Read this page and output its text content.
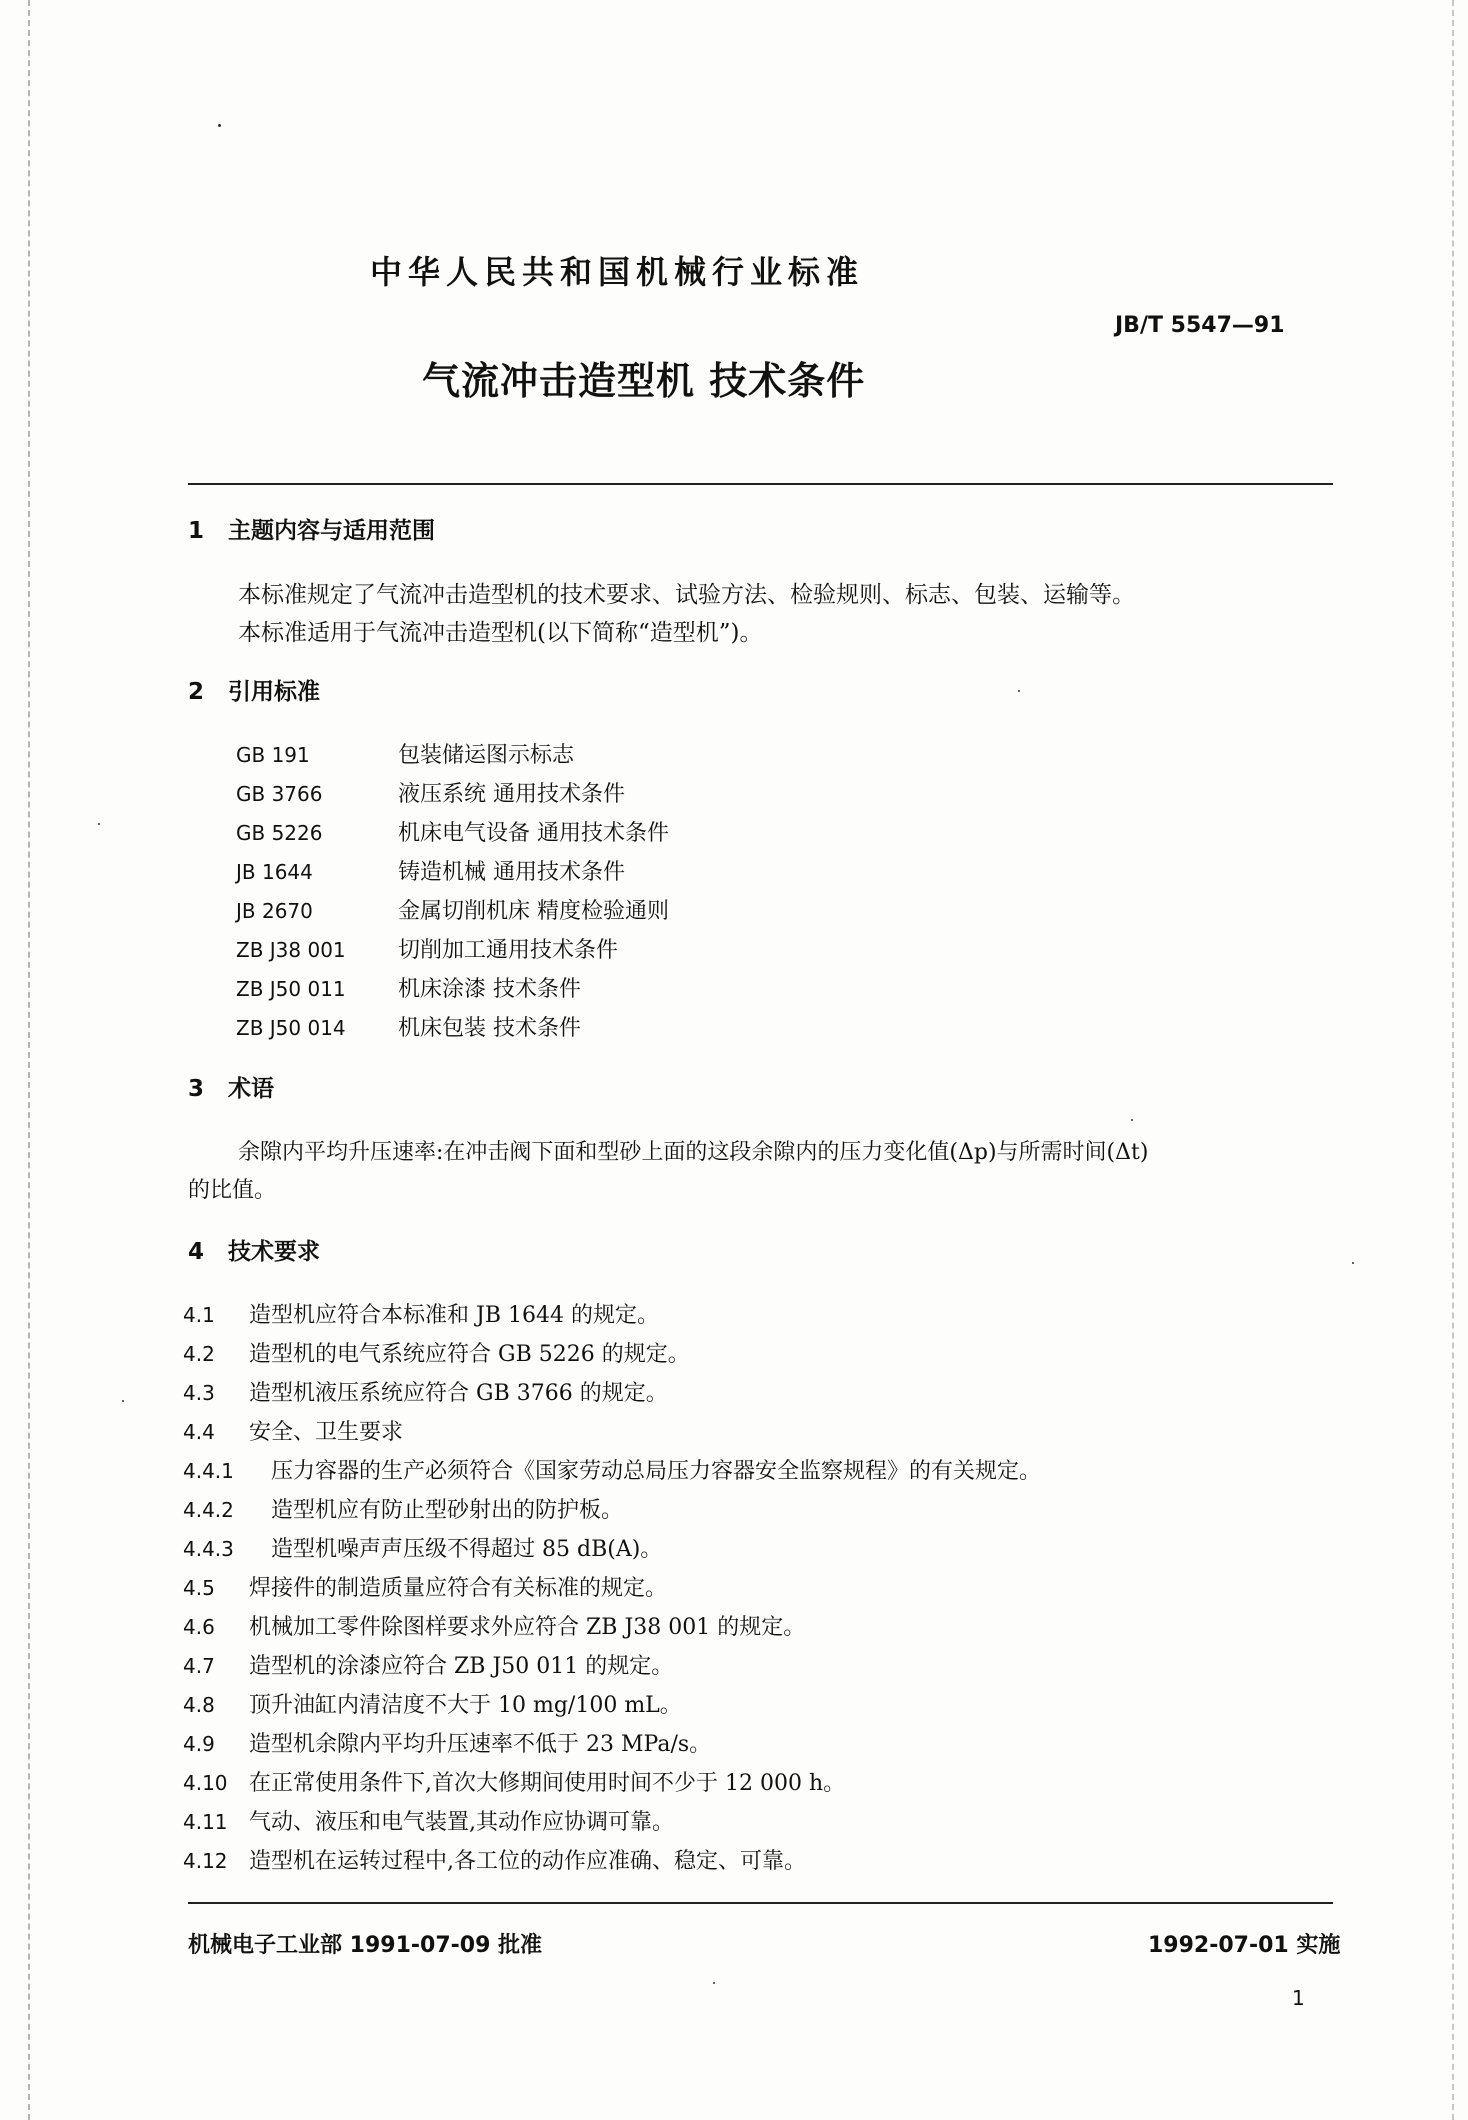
中华人民共和国机械行业标准
JB/T 5547—91
气流冲击造型机 技术条件
1 主题内容与适用范围
本标准规定了气流冲击造型机的技术要求、试验方法、检验规则、标志、包装、运输等。
本标准适用于气流冲击造型机(以下简称“造型机”)。
2 引用标准
GB 191	包装储运图示标志
GB 3766	液压系统 通用技术条件
GB 5226	机床电气设备 通用技术条件
JB 1644	铸造机械 通用技术条件
JB 2670	金属切削机床 精度检验通则
ZB J38 001 切削加工通用技术条件
ZB J50 011 机床涂漆 技术条件
ZB J50 014 机床包装 技术条件
3 术语
余隙内平均升压速率:在冲击阀下面和型砂上面的这段余隙内的压力变化值(Δp)与所需时间(Δt)
的比值。
4 技术要求
4.1 造型机应符合本标准和 JB 1644 的规定。
4.2 造型机的电气系统应符合 GB 5226 的规定。
4.3 造型机液压系统应符合 GB 3766 的规定。
4.4 安全、卫生要求
4.4.1 压力容器的生产必须符合《国家劳动总局压力容器安全监察规程》的有关规定。
4.4.2 造型机应有防止型砂射出的防护板。
4.4.3 造型机噪声声压级不得超过 85 dB(A)。
4.5 焊接件的制造质量应符合有关标准的规定。
4.6 机械加工零件除图样要求外应符合 ZB J38 001 的规定。
4.7 造型机的涂漆应符合 ZB J50 011 的规定。
4.8 顶升油缸内清洁度不大于 10 mg/100 mL。
4.9 造型机余隙内平均升压速率不低于 23 MPa/s。
4.10 在正常使用条件下,首次大修期间使用时间不少于 12 000 h。
4.11 气动、液压和电气装置,其动作应协调可靠。
4.12 造型机在运转过程中,各工位的动作应准确、稳定、可靠。
机械电子工业部 1991-07-09 批准	1992-07-01 实施
1
